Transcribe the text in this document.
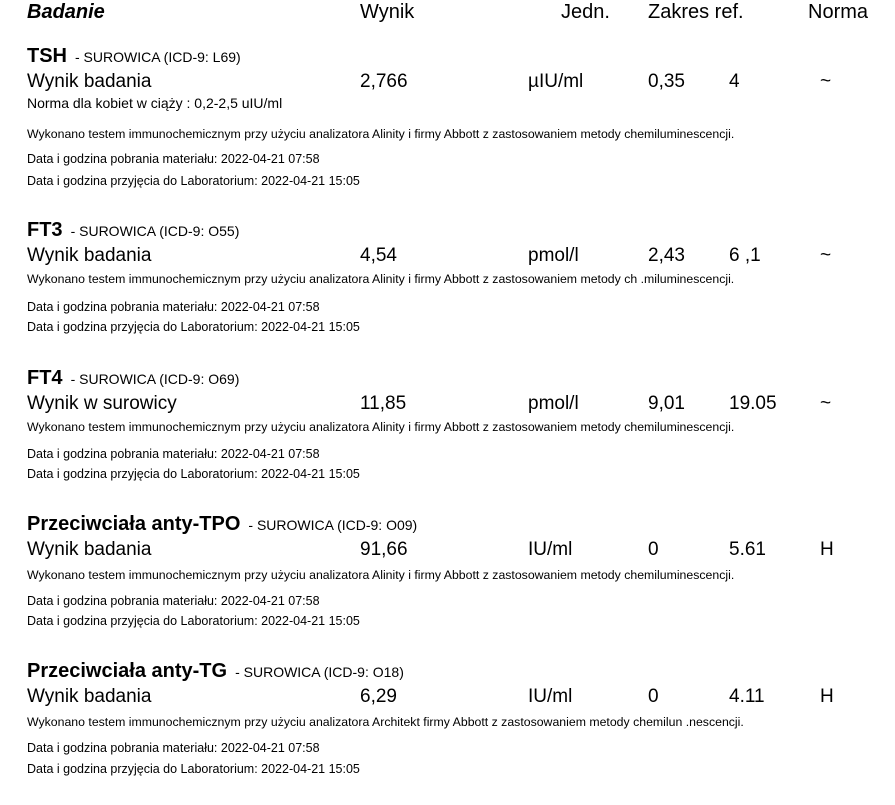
Badanie	Wynik	Jedn. Zakres ref.	Norma
TSH - SUROWICA (ICD-9: L69)
Wynik badania	2,766	µIU/ml	0,35 4	~
Norma dla kobiet w ciąży : 0,2-2,5 uIU/ml
Wykonano testem immunochemicznym przy użyciu analizatora Alinity i firmy Abbott z zastosowaniem metody chemiluminescencji.
Data i godzina pobrania materiału: 2022-04-21 07:58
Data i godzina przyjęcia do Laboratorium: 2022-04-21 15:05
FT3 - SUROWICA (ICD-9: O55)
Wynik badania	4,54	pmol/l	2,43 6 ,1	~
Wykonano testem immunochemicznym przy użyciu analizatora Alinity i firmy Abbott z zastosowaniem metody ch .miluminescencji.
Data i godzina pobrania materiału: 2022-04-21 07:58
Data i godzina przyjęcia do Laboratorium: 2022-04-21 15:05
FT4 - SUROWICA (ICD-9: O69)
Wynik w surowicy	11,85	pmol/l	9,01 19.05 ~
Wykonano testem immunochemicznym przy użyciu analizatora Alinity i firmy Abbott z zastosowaniem metody chemiluminescencji.
Data i godzina pobrania materiału: 2022-04-21 07:58
Data i godzina przyjęcia do Laboratorium: 2022-04-21 15:05
Przeciwciała anty-TPO - SUROWICA (ICD-9: O09)
Wynik badania	91,66	IU/ml	0	5.61	H
Wykonano testem immunochemicznym przy użyciu analizatora Alinity i firmy Abbott z zastosowaniem metody chemiluminescencji.
Data i godzina pobrania materiału: 2022-04-21 07:58
Data i godzina przyjęcia do Laboratorium: 2022-04-21 15:05
Przeciwciała anty-TG - SUROWICA (ICD-9: O18)
Wynik badania	6,29	IU/ml	0	4.11	H
Wykonano testem immunochemicznym przy użyciu analizatora Architekt firmy Abbott z zastosowaniem metody chemilun .nescencji.
Data i godzina pobrania materiału: 2022-04-21 07:58
Data i godzina przyjęcia do Laboratorium: 2022-04-21 15:05
